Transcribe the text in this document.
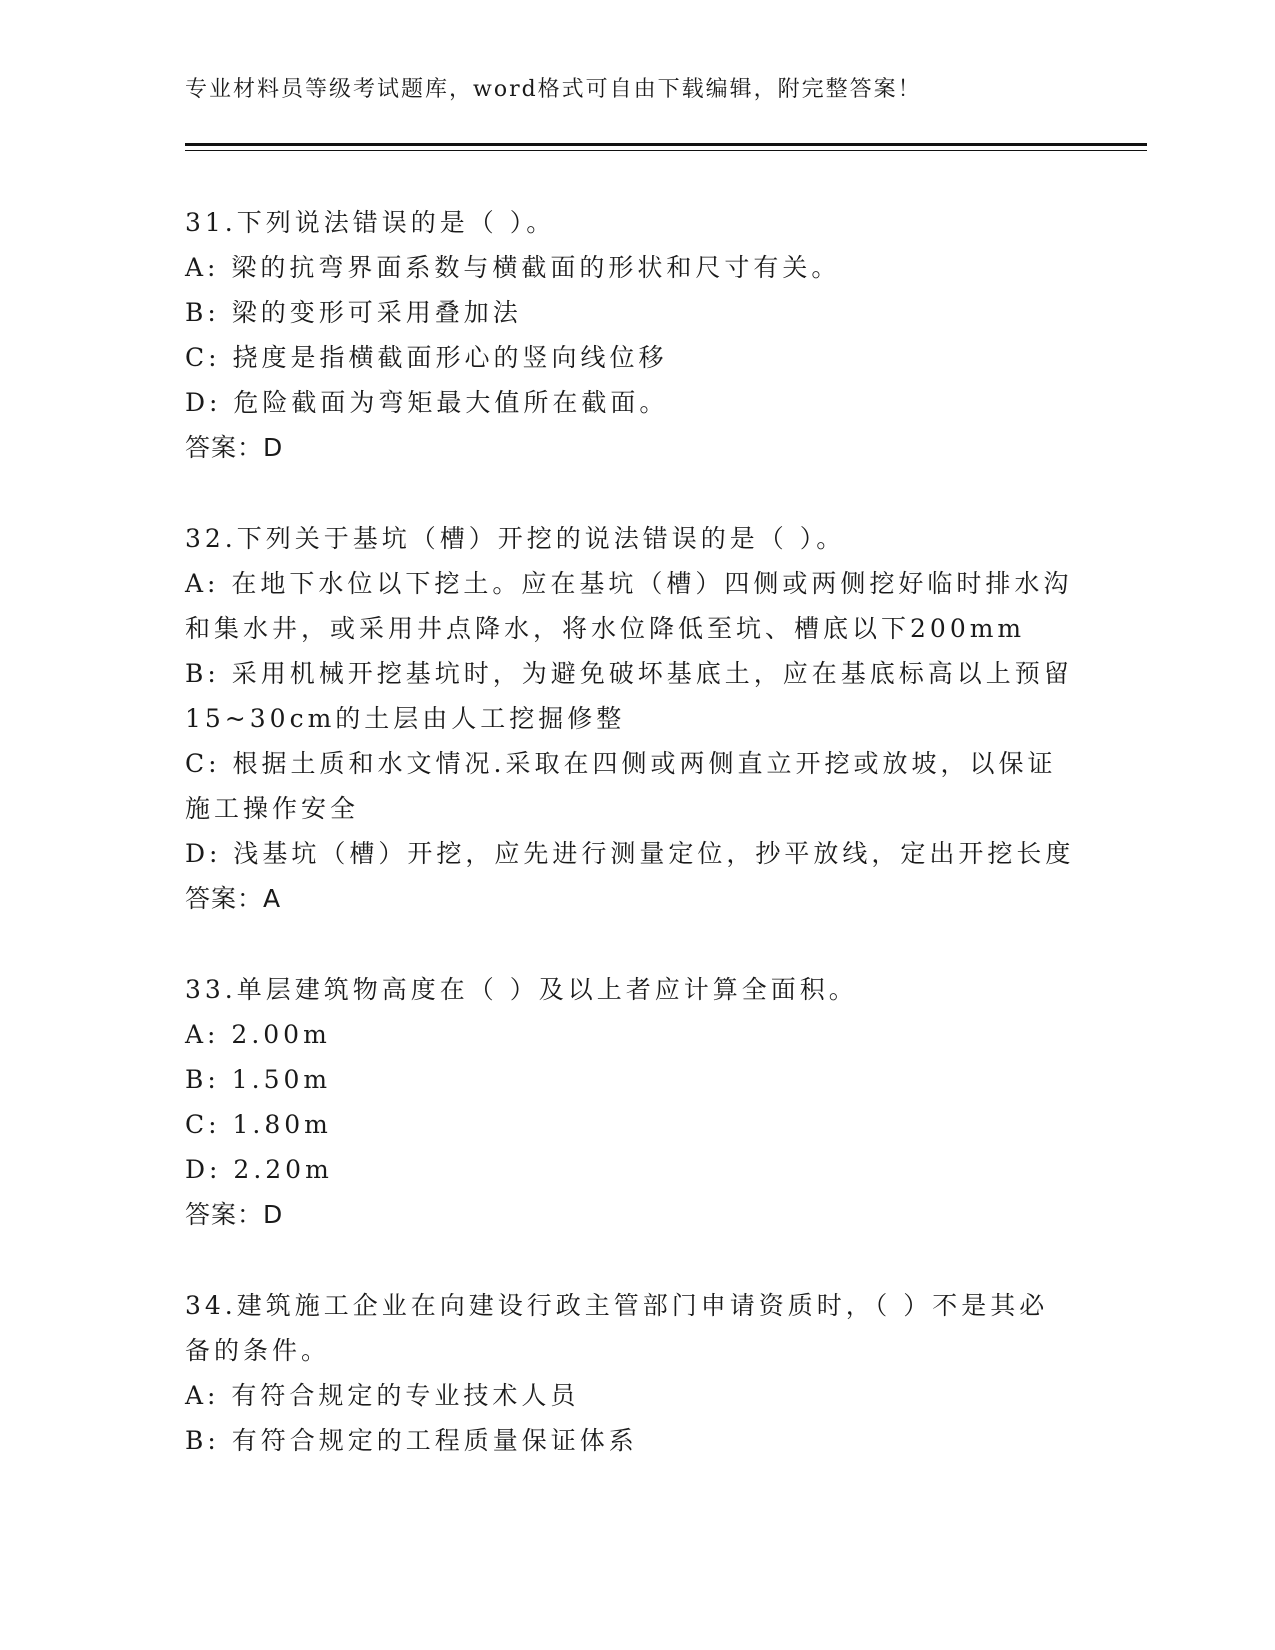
专业材料员等级考试题库，word格式可自由下载编辑，附完整答案！
31.下列说法错误的是（ ）。
A: 梁的抗弯界面系数与横截面的形状和尺寸有关。
B: 梁的变形可采用叠加法
C: 挠度是指横截面形心的竖向线位移
D: 危险截面为弯矩最大值所在截面。
答案：D
32.下列关于基坑（槽）开挖的说法错误的是（ ）。
A: 在地下水位以下挖土。应在基坑（槽）四侧或两侧挖好临时排水沟
和集水井，或采用井点降水，将水位降低至坑、槽底以下200mm
B: 采用机械开挖基坑时，为避免破坏基底土，应在基底标高以上预留
15~30cm的土层由人工挖掘修整
C: 根据土质和水文情况.采取在四侧或两侧直立开挖或放坡，以保证
施工操作安全
D: 浅基坑（槽）开挖，应先进行测量定位，抄平放线，定出开挖长度
答案：A
33.单层建筑物高度在（ ）及以上者应计算全面积。
A: 2.00m
B: 1.50m
C: 1.80m
D: 2.20m
答案：D
34.建筑施工企业在向建设行政主管部门申请资质时，（ ）不是其必
备的条件。
A: 有符合规定的专业技术人员
B: 有符合规定的工程质量保证体系
